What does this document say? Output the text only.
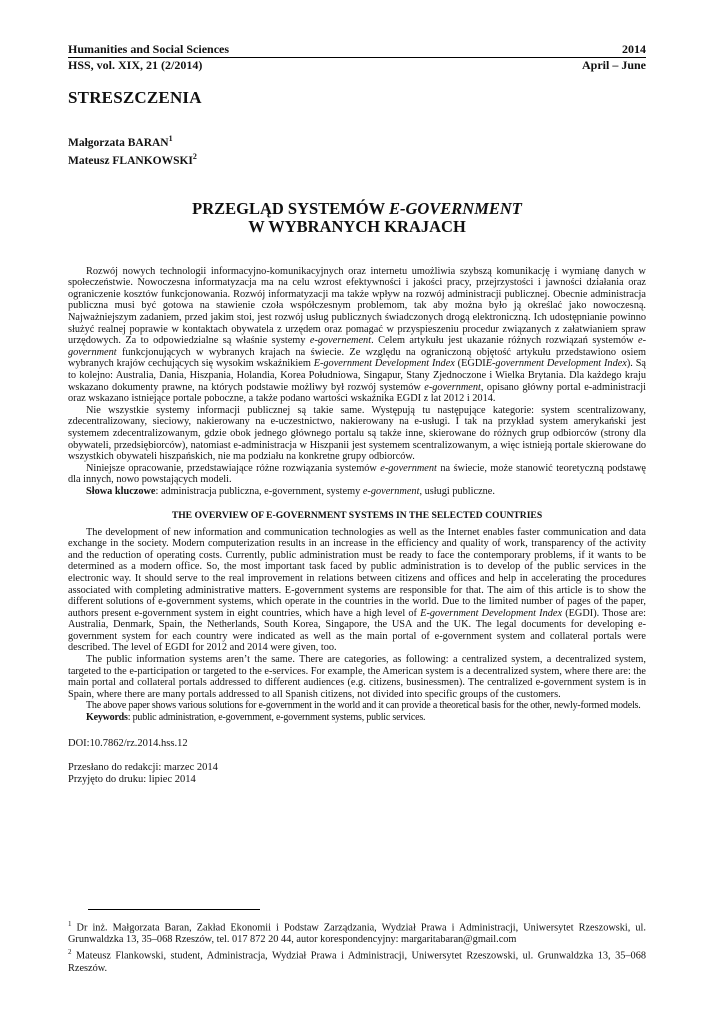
Humanities and Social Sciences	2014
HSS, vol. XIX, 21 (2/2014)	April – June
STRESZCZENIA
Małgorzata BARAN$^1$
Mateusz FLANKOWSKI$^2$
PRZEGLĄD SYSTEMÓW E-GOVERNMENT
W WYBRANYCH KRAJACH

Rozwój nowych technologii informacyjno-komunikacyjnych oraz internetu umożliwia szybszą komunikację i wymianę danych w społeczeństwie. Nowoczesna informatyzacja ma na celu wzrost efektywności i jakości pracy, przejrzystości i jawności działania oraz ograniczenie kosztów funkcjonowania. Rozwój informatyzacji ma także wpływ na rozwój administracji publicznej. Obecnie administracja publiczna musi być gotowa na stawienie czoła współczesnym problemom, tak aby można było ją określać jako nowoczesną. Najważniejszym zadaniem, przed jakim stoi, jest rozwój usług publicznych świadczonych drogą elektroniczną. Ich udostępnianie powinno służyć realnej poprawie w kontaktach obywatela z urzędem oraz pomagać w przyspieszeniu procedur związanych z załatwianiem spraw urzędowych. Za to odpowiedzialne są właśnie systemy e-governement. Celem artykułu jest ukazanie różnych rozwiązań systemów e-government funkcjonujących w wybranych krajach na świecie. Ze względu na ograniczoną objętość artykułu przedstawiono osiem wybranych krajów cechujących się wysokim wskaźnikiem E-government Development Index (EGDIE-government Development Index). Są to kolejno: Australia, Dania, Hiszpania, Holandia, Korea Południowa, Singapur, Stany Zjednoczone i Wielka Brytania. Dla każdego kraju wskazano dokumenty prawne, na których podstawie możliwy był rozwój systemów e-government, opisano główny portal e-administracji oraz wskazano istniejące portale poboczne, a także podano wartości wskaźnika EGDI z lat 2012 i 2014.

Nie wszystkie systemy informacji publicznej są takie same. Występują tu następujące kategorie: system scentralizowany, zdecentralizowany, sieciowy, nakierowany na e-uczestnictwo, nakierowany na e-usługi. I tak na przykład system amerykański jest systemem zdecentralizowanym, gdzie obok jednego głównego portalu są także inne, skierowane do różnych grup odbiorców (strony dla obywateli, przedsiębiorców), natomiast e-administracja w Hiszpanii jest systemem scentralizowanym, a więc istnieją portale skierowane do wszystkich obywateli hiszpańskich, nie ma podziału na konkretne grupy odbiorców.

Niniejsze opracowanie, przedstawiające różne rozwiązania systemów e-government na świecie, może stanowić teoretyczną podstawę dla innych, nowo powstających modeli.

Słowa kluczowe: administracja publiczna, e-government, systemy e-government, usługi publiczne.

THE OVERVIEW OF E-GOVERNMENT SYSTEMS IN THE SELECTED COUNTRIES

The development of new information and communication technologies as well as the Internet enables faster communication and data exchange in the society. Modern computerization results in an increase in the efficiency and quality of work, transparency of the activity and the reduction of operating costs. Currently, public administration must be ready to face the contemporary problems, if it wants to be determined as a modern office. So, the most important task faced by public administration is to develop of the public services in the electronic way. It should serve to the real improvement in relations between citizens and offices and help in accelerating the procedures associated with completing administrative matters. E-government systems are responsible for that. The aim of this article is to show the different solutions of e-government systems, which operate in the countries in the world. Due to the limited number of pages of the paper, authors present e-government system in eight countries, which have a high level of E-government Development Index (EGDI). Those are: Australia, Denmark, Spain, the Netherlands, South Korea, Singapore, the USA and the UK. The legal documents for developing e-government system for each country were indicated as well as the main portal of e-government system and collateral portals were described. The level of EGDI for 2012 and 2014 were given, too.

The public information systems aren’t the same. There are categories, as following: a centralized system, a decentralized system, targeted to the e-participation or targeted to the e-services. For example, the American system is a decentralized system, where there are: the main portal and collateral portals addressed to different audiences (e.g. citizens, businessmen). The centralized e-government system is in Spain, where there are many portals addressed to all Spanish citizens, not divided into specific groups of the customers.

The above paper shows various solutions for e-government in the world and it can provide a theoretical basis for the other, newly-formed models.

Keywords: public administration, e-government, e-government systems, public services.

DOI:10.7862/rz.2014.hss.12
Przesłano do redakcji: marzec 2014
Przyjęto do druku: lipiec 2014

$^1$ Dr inż. Małgorzata Baran, Zakład Ekonomii i Podstaw Zarządzania, Wydział Prawa i Administracji, Uniwersytet Rzeszowski, ul. Grunwaldzka 13, 35–068 Rzeszów, tel. 017 872 20 44, autor korespondencyjny: margaritabaran@gmail.com

$^2$ Mateusz Flankowski, student, Administracja, Wydział Prawa i Administracji, Uniwersytet Rzeszowski, ul. Grunwaldzka 13, 35–068 Rzeszów.
